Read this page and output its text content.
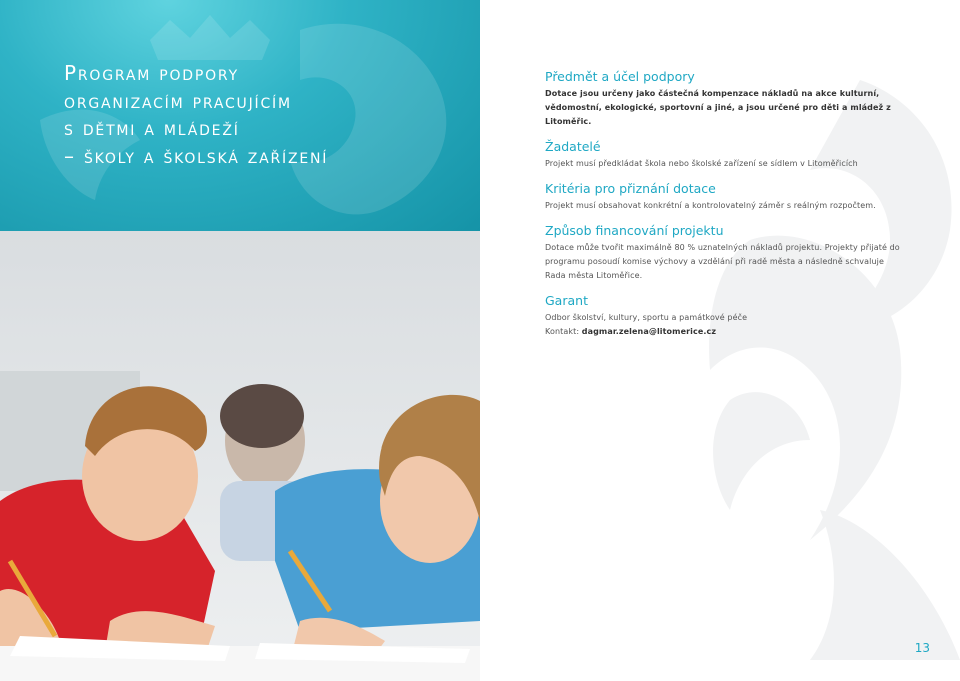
Program podpory
organizacím pracujícím
s dětmi a mládeží
– školy a školská zařízení
Předmět a účel podpory

Dotace jsou určeny jako částečná kompenzace nákladů na akce kulturní, vědomostní, ekologické, sportovní a jiné, a jsou určené pro děti a mládež z Litoměřic.

Žadatelé

Projekt musí předkládat škola nebo školské zařízení se sídlem v Litoměřicích

Kritéria pro přiznání dotace

Projekt musí obsahovat konkrétní a kontrolovatelný záměr s reálným rozpočtem.

Způsob financování projektu

Dotace může tvořit maximálně 80 % uznatelných nákladů projektu. Projekty přijaté do programu posoudí komise výchovy a vzdělání při radě města a následně schvaluje Rada města Litoměřice.

Garant

Odbor školství, kultury, sportu a památkové péče

Kontakt: dagmar.zelena@litomerice.cz

13
